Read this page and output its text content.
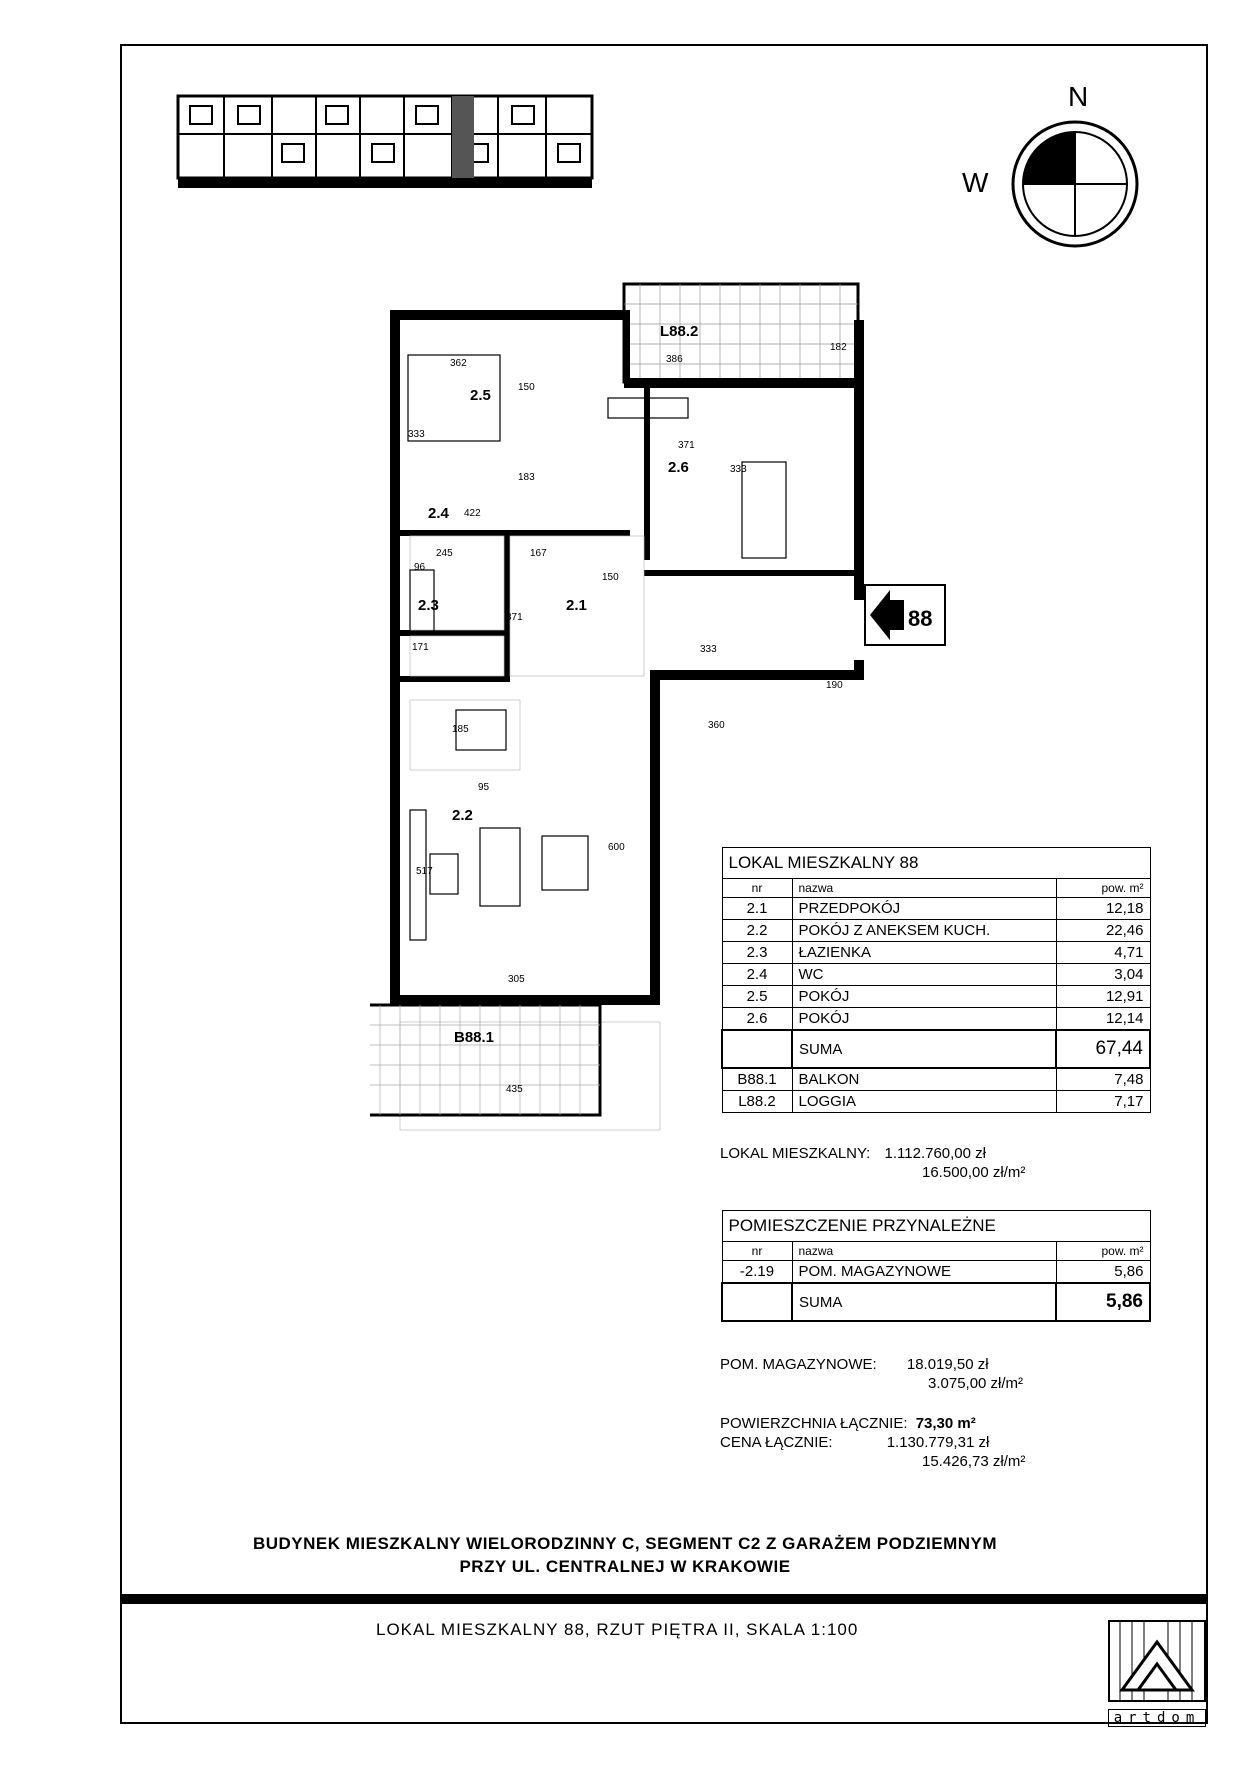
N
W
88
2.5
2.6
2.4
2.3	2.1
2.2
B88.1
L88.2
362	386
182
150
333
422
183
371
333
245
96
167
150
371
333
171
190
360
185
95
517
305
435
600
LOKAL MIESZKALNY 88		
nr	nazwa	pow. m²
2.1	PRZEDPOKÓJ	12,18
2.2	POKÓJ Z ANEKSEM KUCH.	22,46
2.3	ŁAZIENKA	4,71
2.4	WC	3,04
2.5	POKÓJ	12,91
2.6	POKÓJ	12,14
	SUMA	67,44
B88.1	BALKON	7,48
L88.2	LOGGIA	7,17
LOKAL MIESZKALNY: 1.112.760,00 zł
16.500,00 zł/m²
POMIESZCZENIE PRZYNALEŻNE		
nr	nazwa	pow. m²
-2.19	POM. MAGAZYNOWE	5,86
	SUMA	5,86
POM. MAGAZYNOWE: 18.019,50 zł
3.075,00 zł/m²
POWIERZCHNIA ŁĄCZNIE: 73,30 m²
CENA ŁĄCZNIE:	1.130.779,31 zł
15.426,73 zł/m²
BUDYNEK MIESZKALNY WIELORODZINNY C, SEGMENT C2 Z GARAŻEM PODZIEMNYM
PRZY UL. CENTRALNEJ W KRAKOWIE
LOKAL MIESZKALNY 88, RZUT PIĘTRA II, SKALA 1:100
artdom
